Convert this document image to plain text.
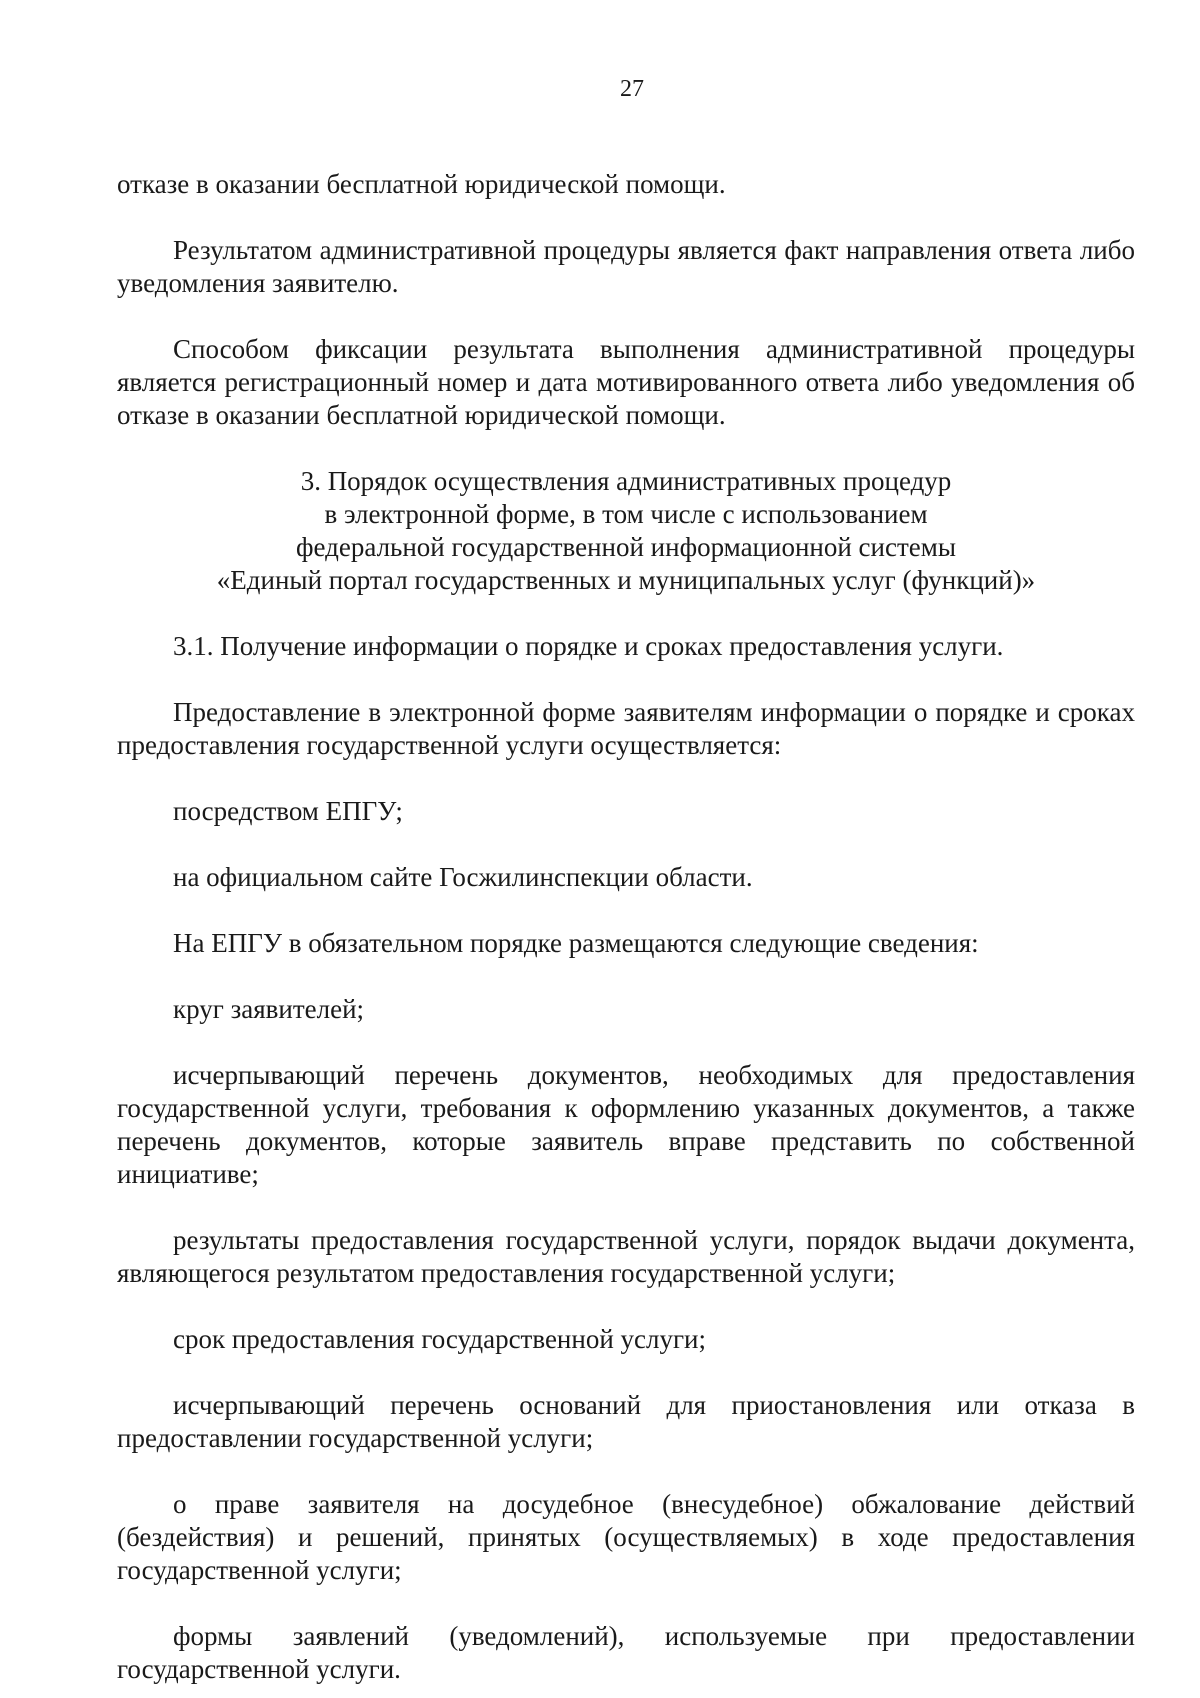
27

отказе в оказании бесплатной юридической помощи.

Результатом административной процедуры является факт направления ответа либо уведомления заявителю.

Способом фиксации результата выполнения административной процедуры является регистрационный номер и дата мотивированного ответа либо уведомления об отказе в оказании бесплатной юридической помощи.

3. Порядок осуществления административных процедур
в электронной форме, в том числе с использованием
федеральной государственной информационной системы
«Единый портал государственных и муниципальных услуг (функций)»

3.1. Получение информации о порядке и сроках предоставления услуги.

Предоставление в электронной форме заявителям информации о порядке и сроках предоставления государственной услуги осуществляется:

посредством ЕПГУ;

на официальном сайте Госжилинспекции области.

На ЕПГУ в обязательном порядке размещаются следующие сведения:

круг заявителей;

исчерпывающий перечень документов, необходимых для предоставления государственной услуги, требования к оформлению указанных документов, а также перечень документов, которые заявитель вправе представить по собственной инициативе;

результаты предоставления государственной услуги, порядок выдачи документа, являющегося результатом предоставления государственной услуги;

срок предоставления государственной услуги;

исчерпывающий перечень оснований для приостановления или отказа в предоставлении государственной услуги;

о праве заявителя на досудебное (внесудебное) обжалование действий (бездействия) и решений, принятых (осуществляемых) в ходе предоставления государственной услуги;

формы заявлений (уведомлений), используемые при предоставлении государственной услуги.
